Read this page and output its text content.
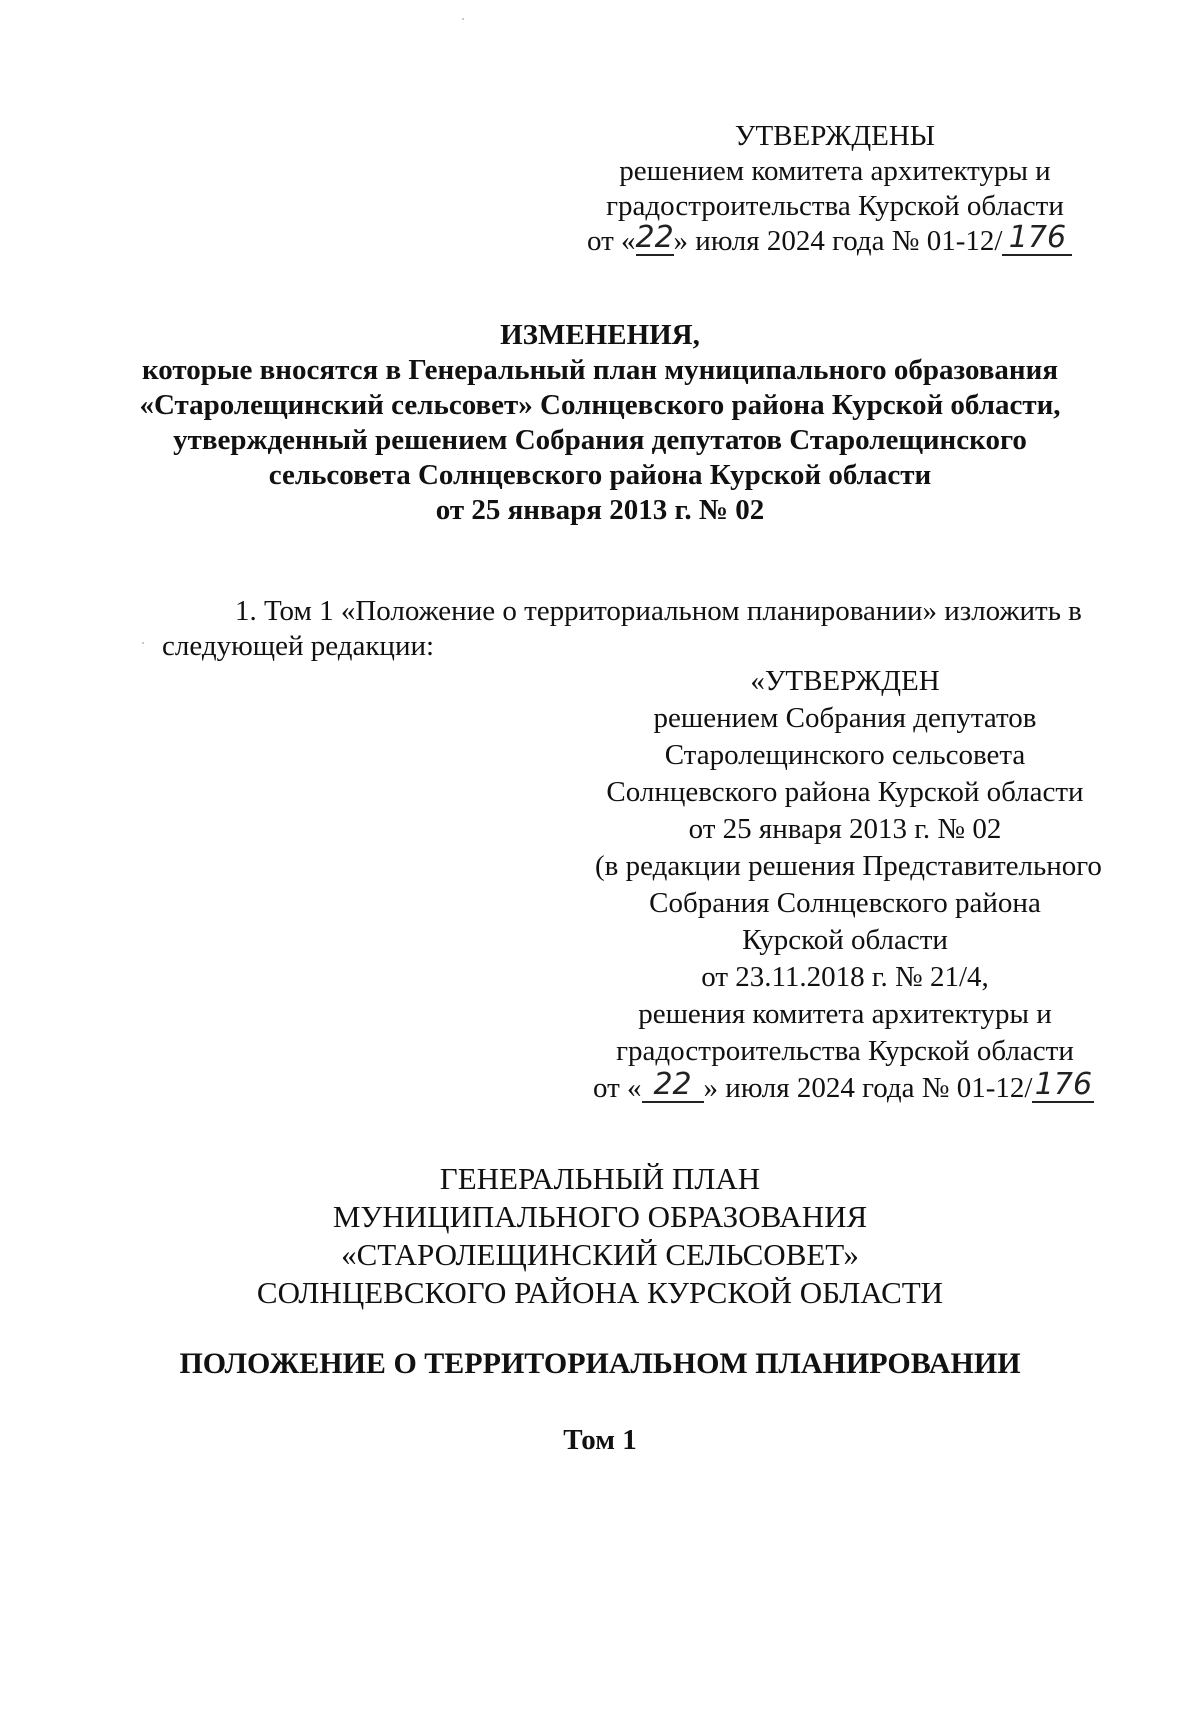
УТВЕРЖДЕНЫ
решением комитета архитектуры и
градостроительства Курской области
от «22» июля 2024 года № 01-12/ 176
ИЗМЕНЕНИЯ,
которые вносятся в Генеральный план муниципального образования
«Старолещинский сельсовет» Солнцевского района Курской области,
утвержденный решением Собрания депутатов Старолещинского
сельсовета Солнцевского района Курской области
от 25 января 2013 г. № 02
1. Том 1 «Положение о территориальном планировании» изложить в
следующей редакции:
«УТВЕРЖДЕН
решением Собрания депутатов
Старолещинского сельсовета
Солнцевского района Курской области
от 25 января 2013 г. № 02
(в редакции решения Представительного
Собрания Солнцевского района
Курской области
от 23.11.2018 г. № 21/4,
решения комитета архитектуры и
градостроительства Курской области
от « 22 » июля 2024 года № 01-12/176
ГЕНЕРАЛЬНЫЙ ПЛАН
МУНИЦИПАЛЬНОГО ОБРАЗОВАНИЯ
«СТАРОЛЕЩИНСКИЙ СЕЛЬСОВЕТ»
СОЛНЦЕВСКОГО РАЙОНА КУРСКОЙ ОБЛАСТИ
ПОЛОЖЕНИЕ О ТЕРРИТОРИАЛЬНОМ ПЛАНИРОВАНИИ
Том 1
